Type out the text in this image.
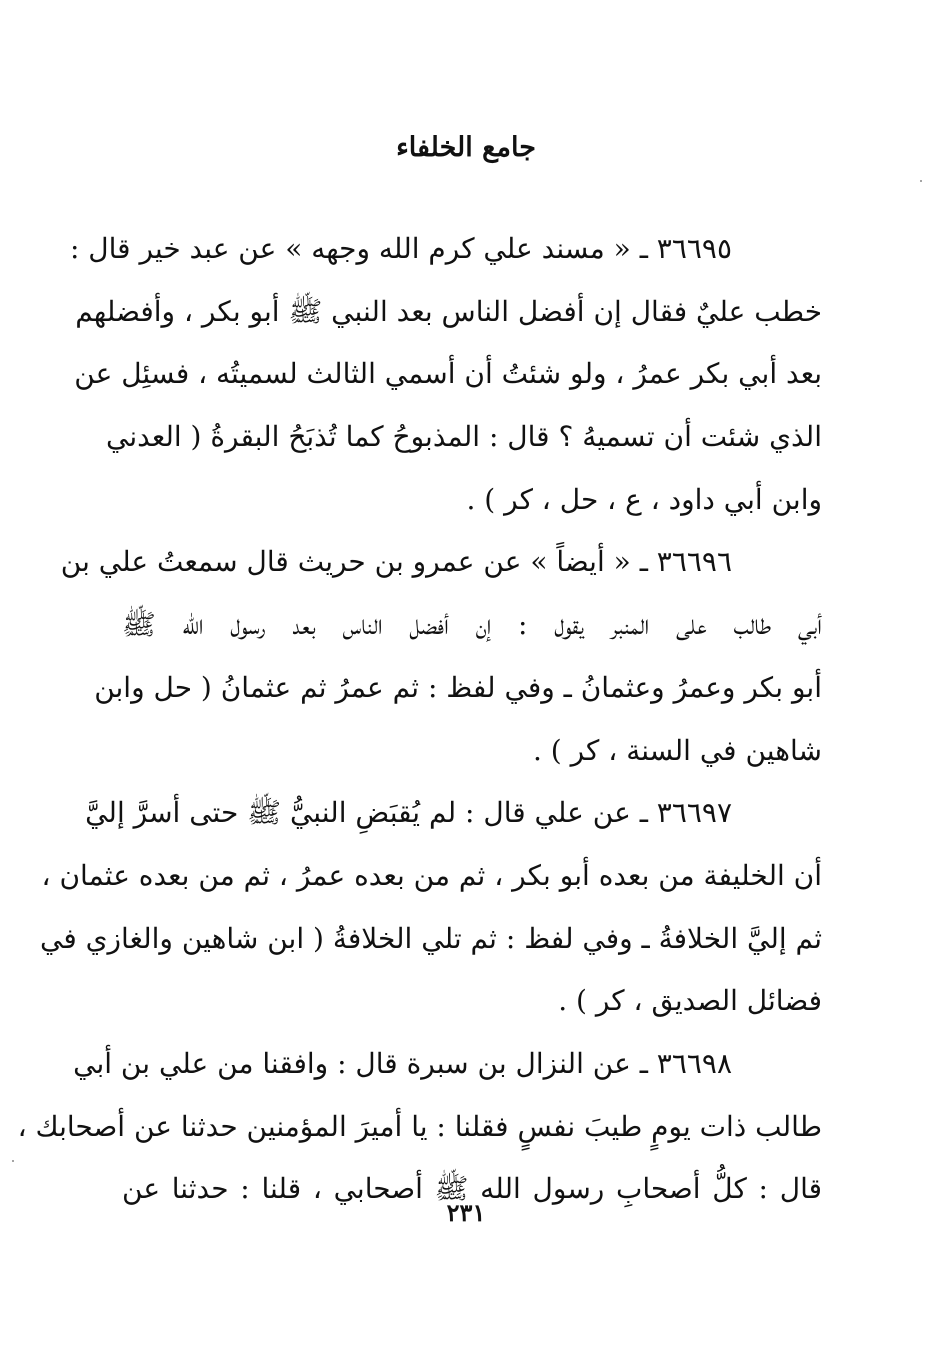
جامع الخلفاء
٣٦٦٩٥ ـ « مسند علي كرم الله وجهه » عن عبد خير قال :
خطب عليٌ فقال إن أفضل الناس بعد النبي ﷺ أبو بكر ، وأفضلهم
بعد أبي بكر عمرُ ، ولو شئتُ أن أسمي الثالث لسميتُه ، فسئِل عن
الذي شئت أن تسميهُ ؟ قال : المذبوحُ كما تُذبَحُ البقرةُ ( العدني
وابن أبي داود ، ع ، حل ، كر ) .
٣٦٦٩٦ ـ « أيضاً » عن عمرو بن حريث قال سمعتُ علي بن
أبي طالب على المنبر يقول : إن أفضل الناس بعد رسول الله ﷺ
أبو بكر وعمرُ وعثمانُ ـ وفي لفظ : ثم عمرُ ثم عثمانُ ( حل وابن
شاهين في السنة ، كر ) .
٣٦٦٩٧ ـ عن علي قال : لم يُقبَضِ النبيُّ ﷺ حتى أسرَّ إليَّ
أن الخليفة من بعده أبو بكر ، ثم من بعده عمرُ ، ثم من بعده عثمان ،
ثم إليَّ الخلافةُ ـ وفي لفظ : ثم تلي الخلافةُ ( ابن شاهين والغازي في
فضائل الصديق ، كر ) .
٣٦٦٩٨ ـ عن النزال بن سبرة قال : وافقنا من علي بن أبي
طالب ذات يومٍ طيبَ نفسٍ فقلنا : يا أميرَ المؤمنين حدثنا عن أصحابك ،
قال : كلُّ أصحابِ رسول الله ﷺ أصحابي ، قلنا : حدثنا عن
٢٣١
